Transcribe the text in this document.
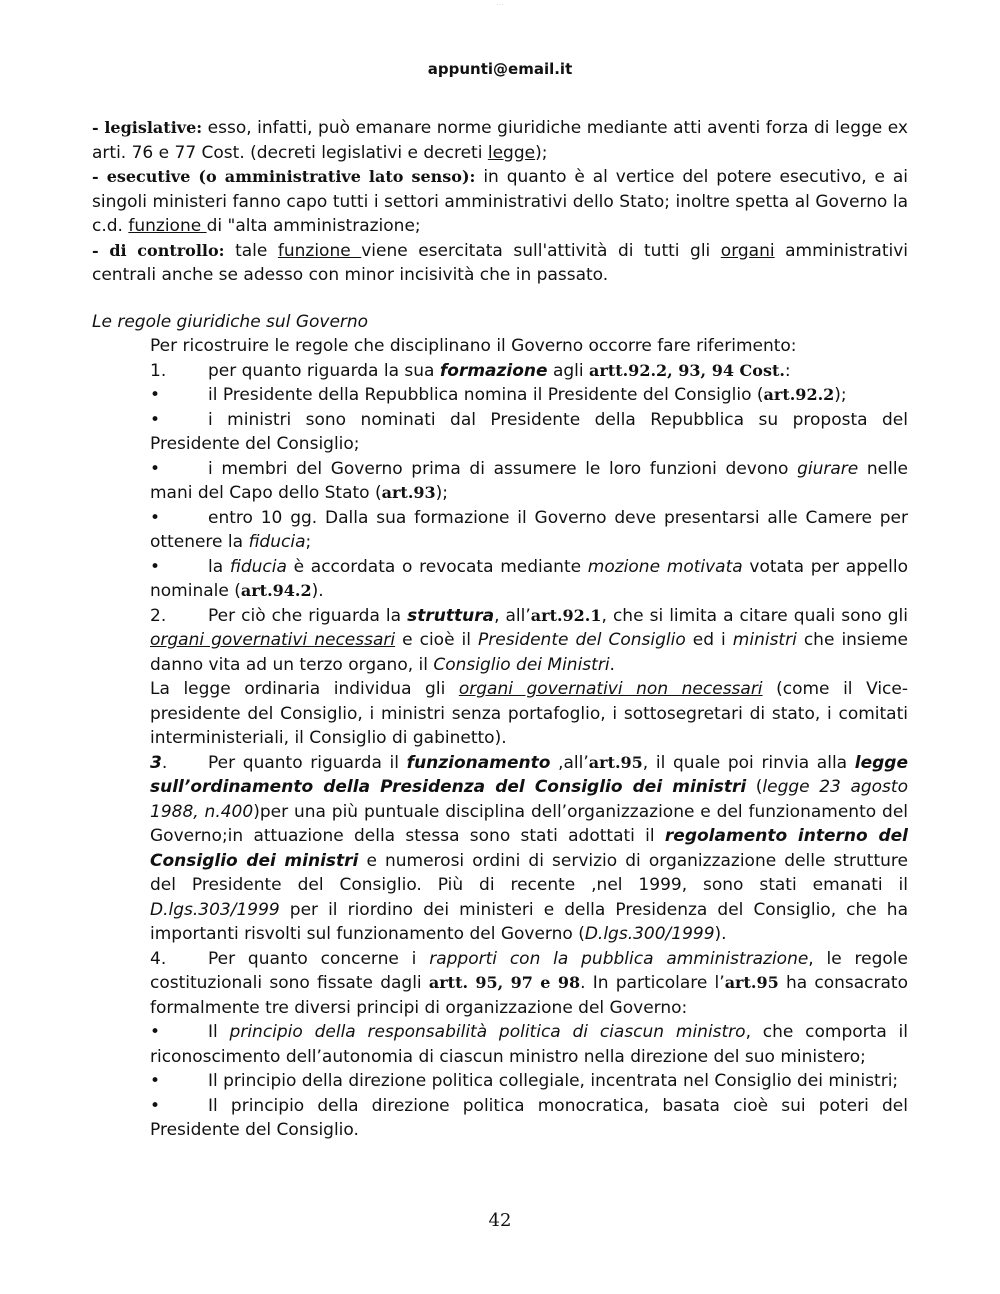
· · ·
appunti@email.it

- legislative: esso, infatti, può emanare norme giuridiche mediante atti aventi forza di legge ex arti. 76 e 77 Cost. (decreti legislativi e decreti legge);

- esecutive (o amministrative lato senso): in quanto è al vertice del potere esecutivo, e ai singoli ministeri fanno capo tutti i settori amministrativi dello Stato; inoltre spetta al Governo la c.d. funzione di "alta amministrazione;

- di controllo: tale funzione viene esercitata sull'attività di tutti gli organi amministrativi centrali anche se adesso con minor incisività che in passato.

Le regole giuridiche sul Governo

Per ricostruire le regole che disciplinano il Governo occorre fare riferimento:

1. per quanto riguarda la sua formazione agli artt.92.2, 93, 94 Cost.:

•	il Presidente della Repubblica nomina il Presidente del Consiglio (art.92.2);

•	i ministri sono nominati dal Presidente della Repubblica su proposta del Presidente del Consiglio;

•	i membri del Governo prima di assumere le loro funzioni devono giurare nelle mani del Capo dello Stato (art.93);

•	entro 10 gg. Dalla sua formazione il Governo deve presentarsi alle Camere per ottenere la fiducia;

•	la fiducia è accordata o revocata mediante mozione motivata votata per appello nominale (art.94.2).

2. Per ciò che riguarda la struttura, all’art.92.1, che si limita a citare quali sono gli organi governativi necessari e cioè il Presidente del Consiglio ed i ministri che insieme danno vita ad un terzo organo, il Consiglio dei Ministri.

La legge ordinaria individua gli organi governativi non necessari (come il Vice-presidente del Consiglio, i ministri senza portafoglio, i sottosegretari di stato, i comitati interministeriali, il Consiglio di gabinetto).

3. Per quanto riguarda il funzionamento ,all’art.95, il quale poi rinvia alla legge sull’ordinamento della Presidenza del Consiglio dei ministri (legge 23 agosto 1988, n.400)per una più puntuale disciplina dell’organizzazione e del funzionamento del Governo;in attuazione della stessa sono stati adottati il regolamento interno del Consiglio dei ministri e numerosi ordini di servizio di organizzazione delle strutture del Presidente del Consiglio. Più di recente ,nel 1999, sono stati emanati il D.lgs.303/1999 per il riordino dei ministeri e della Presidenza del Consiglio, che ha importanti risvolti sul funzionamento del Governo (D.lgs.300/1999).

4. Per quanto concerne i rapporti con la pubblica amministrazione, le regole costituzionali sono fissate dagli artt. 95, 97 e 98. In particolare l’art.95 ha consacrato formalmente tre diversi principi di organizzazione del Governo:

•	Il principio della responsabilità politica di ciascun ministro, che comporta il riconoscimento dell’autonomia di ciascun ministro nella direzione del suo ministero;

•	Il principio della direzione politica collegiale, incentrata nel Consiglio dei ministri;

•	Il principio della direzione politica monocratica, basata cioè sui poteri del Presidente del Consiglio.

42
